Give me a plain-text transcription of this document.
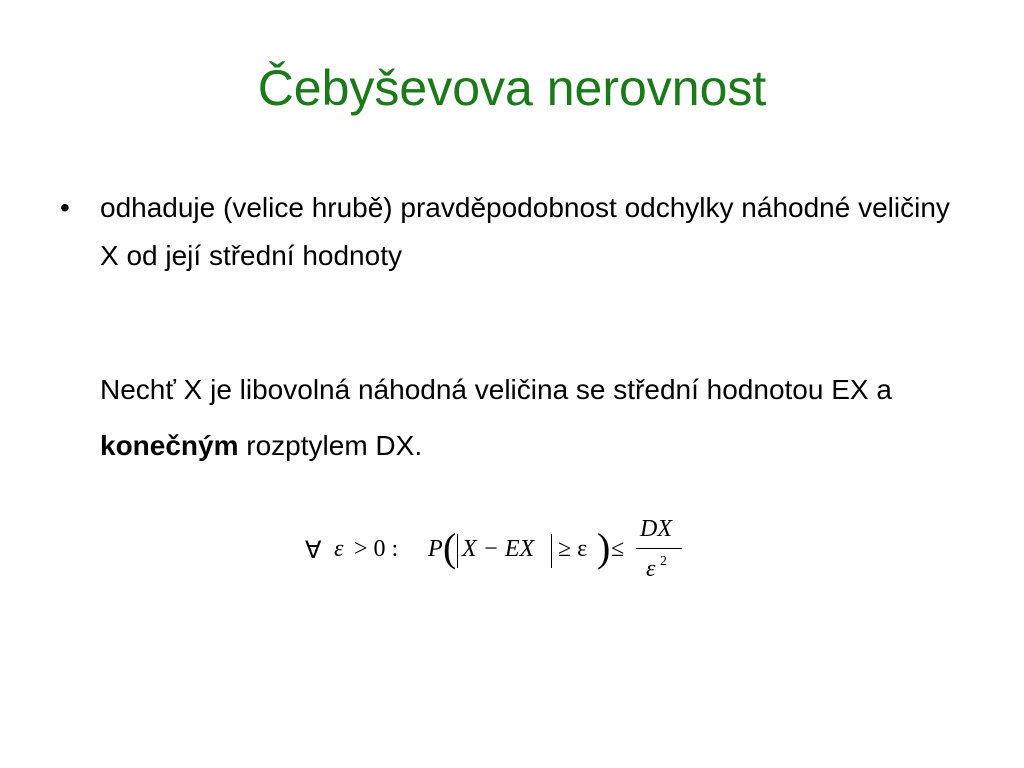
Čebyševova nerovnost
• odhaduje (velice hrubě) pravděpodobnost odchylky náhodné veličiny X od její střední hodnoty
Nechť X je libovolná náhodná veličina se střední hodnotou EX a konečným rozptylem DX.
∀ ε > 0 : P ( X − EX ≥ ε ) ≤
DX
ε 2
